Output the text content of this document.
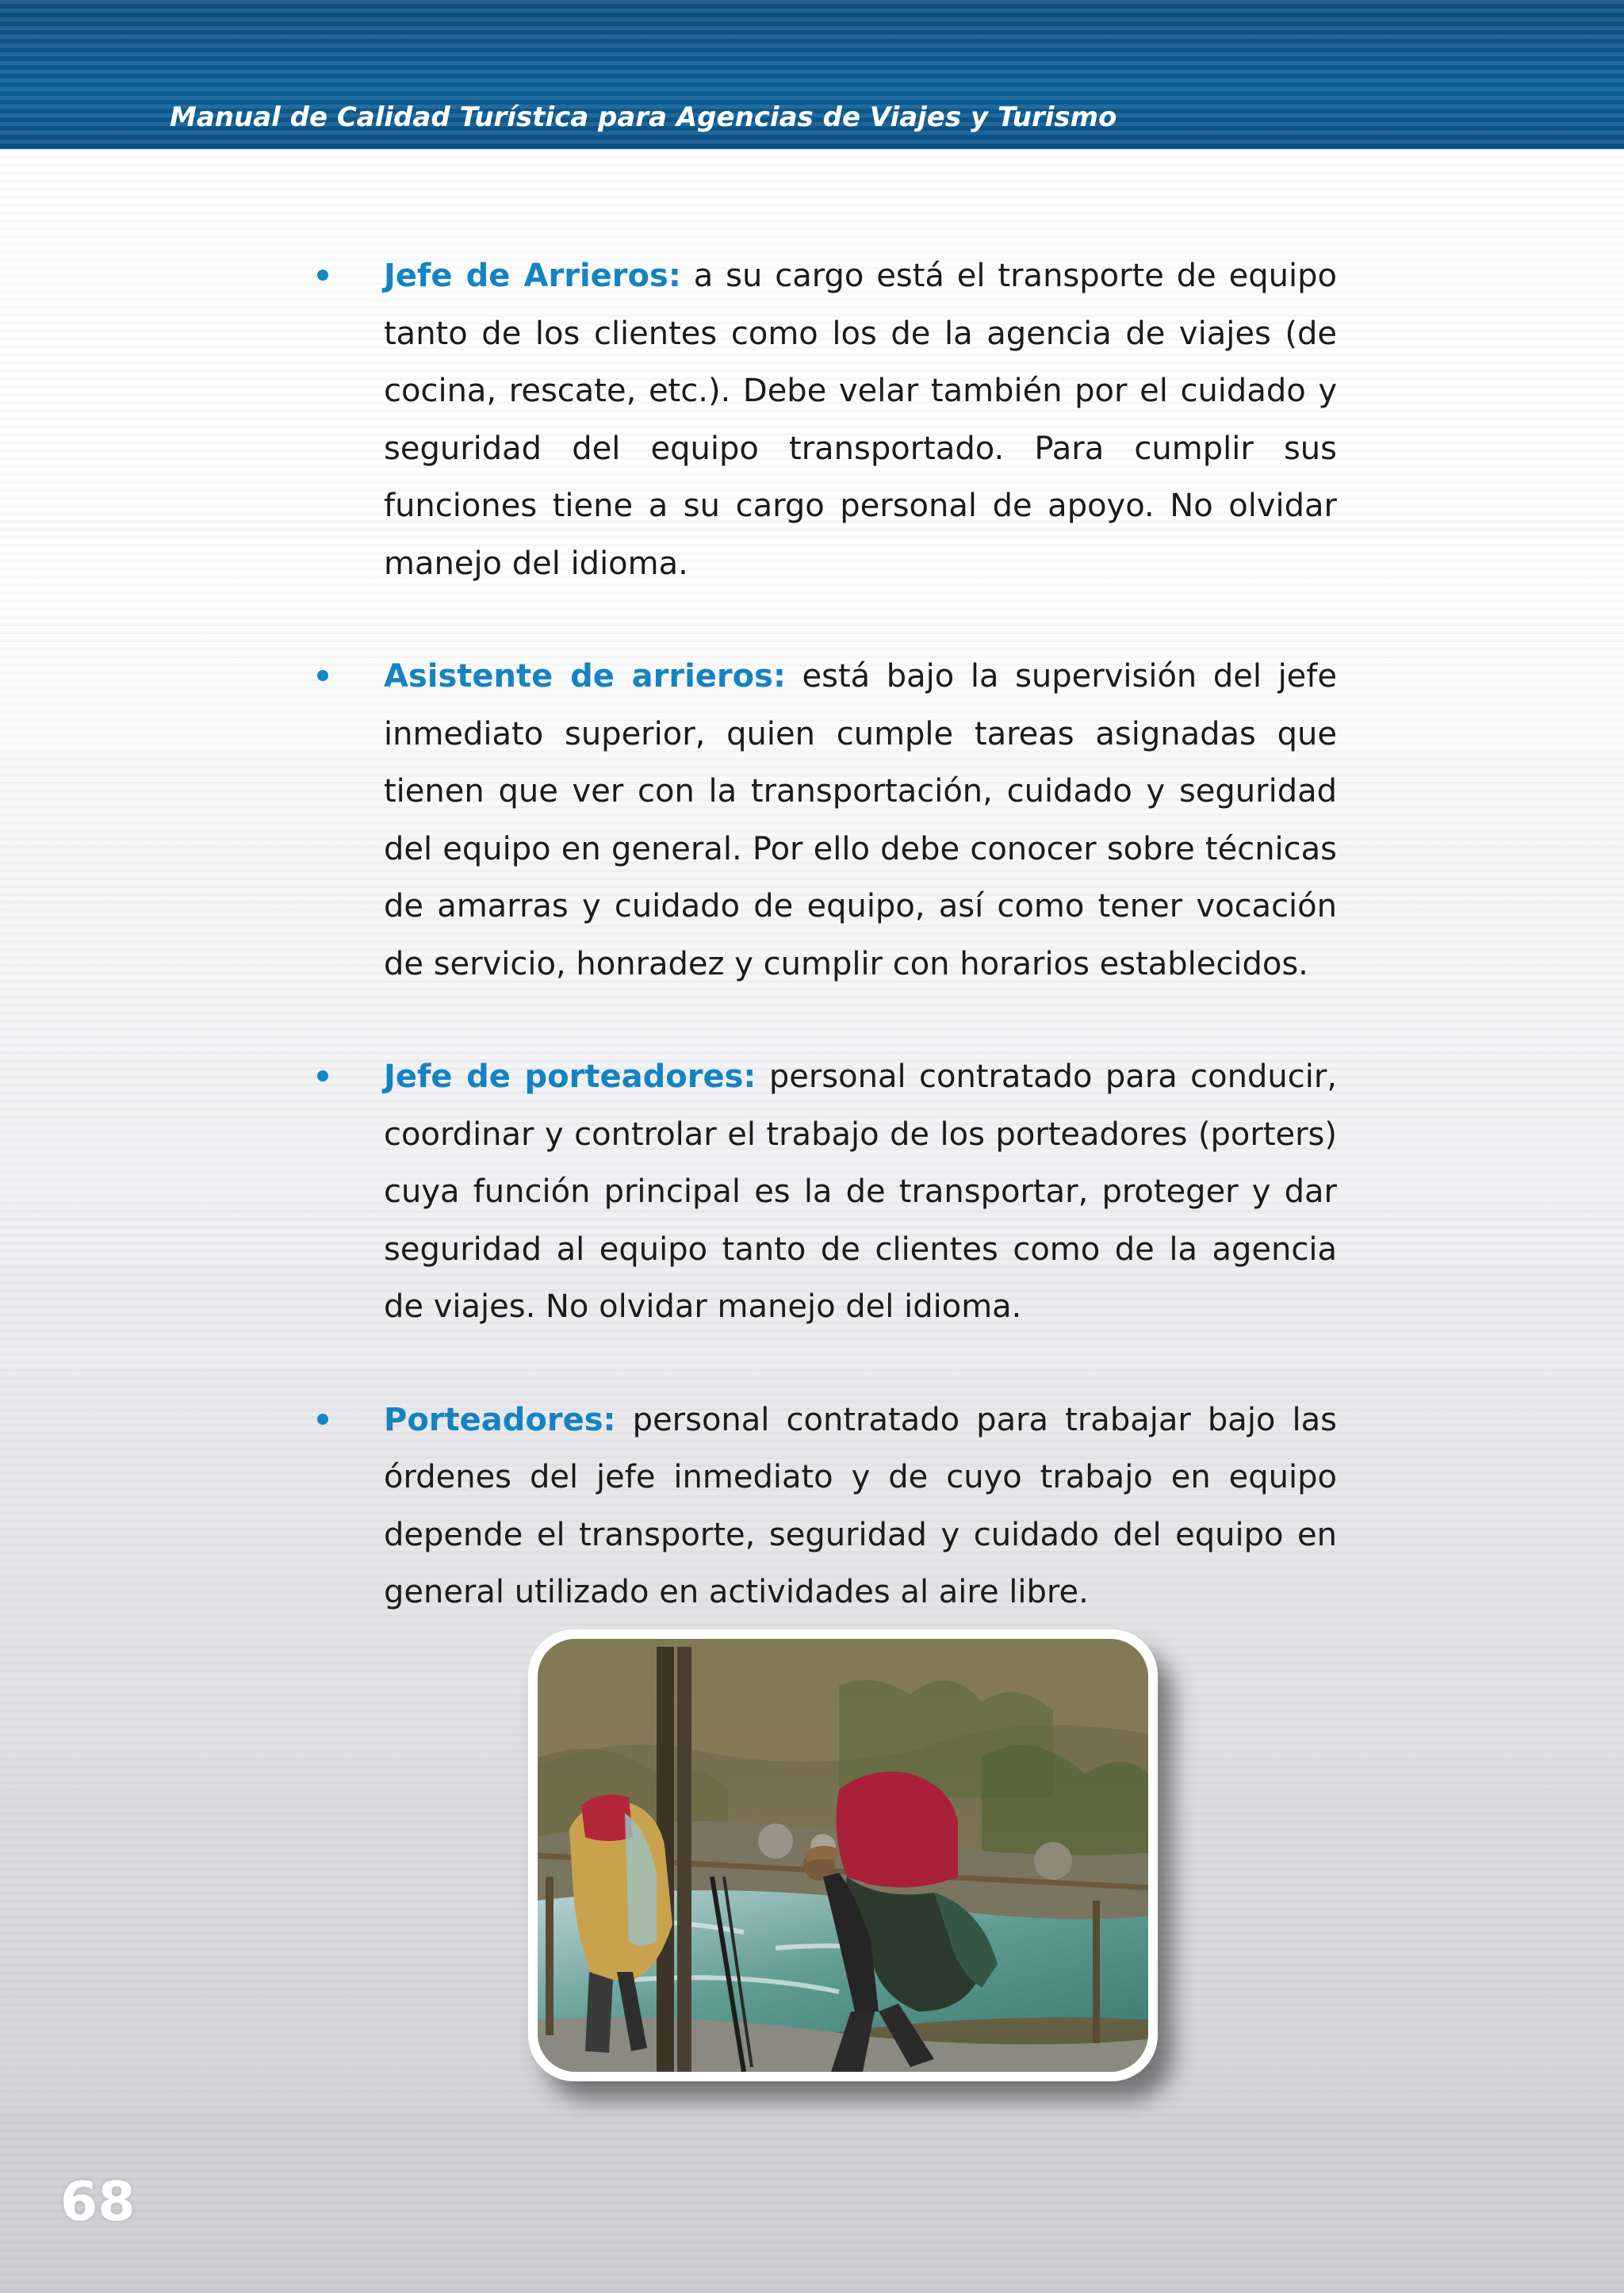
Manual de Calidad Turística para Agencias de Viajes y Turismo

Jefe de Arrieros: a su cargo está el transporte de equipo tanto de los clientes como los de la agencia de viajes (de cocina, rescate, etc.). Debe velar también por el cuidado y seguridad del equipo transportado. Para cumplir sus funciones tiene a su cargo personal de apoyo. No olvidar manejo del idioma.

Asistente de arrieros: está bajo la supervisión del jefe inmediato superior, quien cumple tareas asignadas que tienen que ver con la transportación, cuidado y seguridad del equipo en general. Por ello debe conocer sobre técnicas de amarras y cuidado de equipo, así como tener vocación de servicio, honradez y cumplir con horarios establecidos.

Jefe de porteadores: personal contratado para conducir, coordinar y controlar el trabajo de los porteadores (porters) cuya función principal es la de transportar, proteger y dar seguridad al equipo tanto de clientes como de la agencia de viajes. No olvidar manejo del idioma.

Porteadores: personal contratado para trabajar bajo las órdenes del jefe inmediato y de cuyo trabajo en equipo depende el transporte, seguridad y cuidado del equipo en general utilizado en actividades al aire libre.

68
